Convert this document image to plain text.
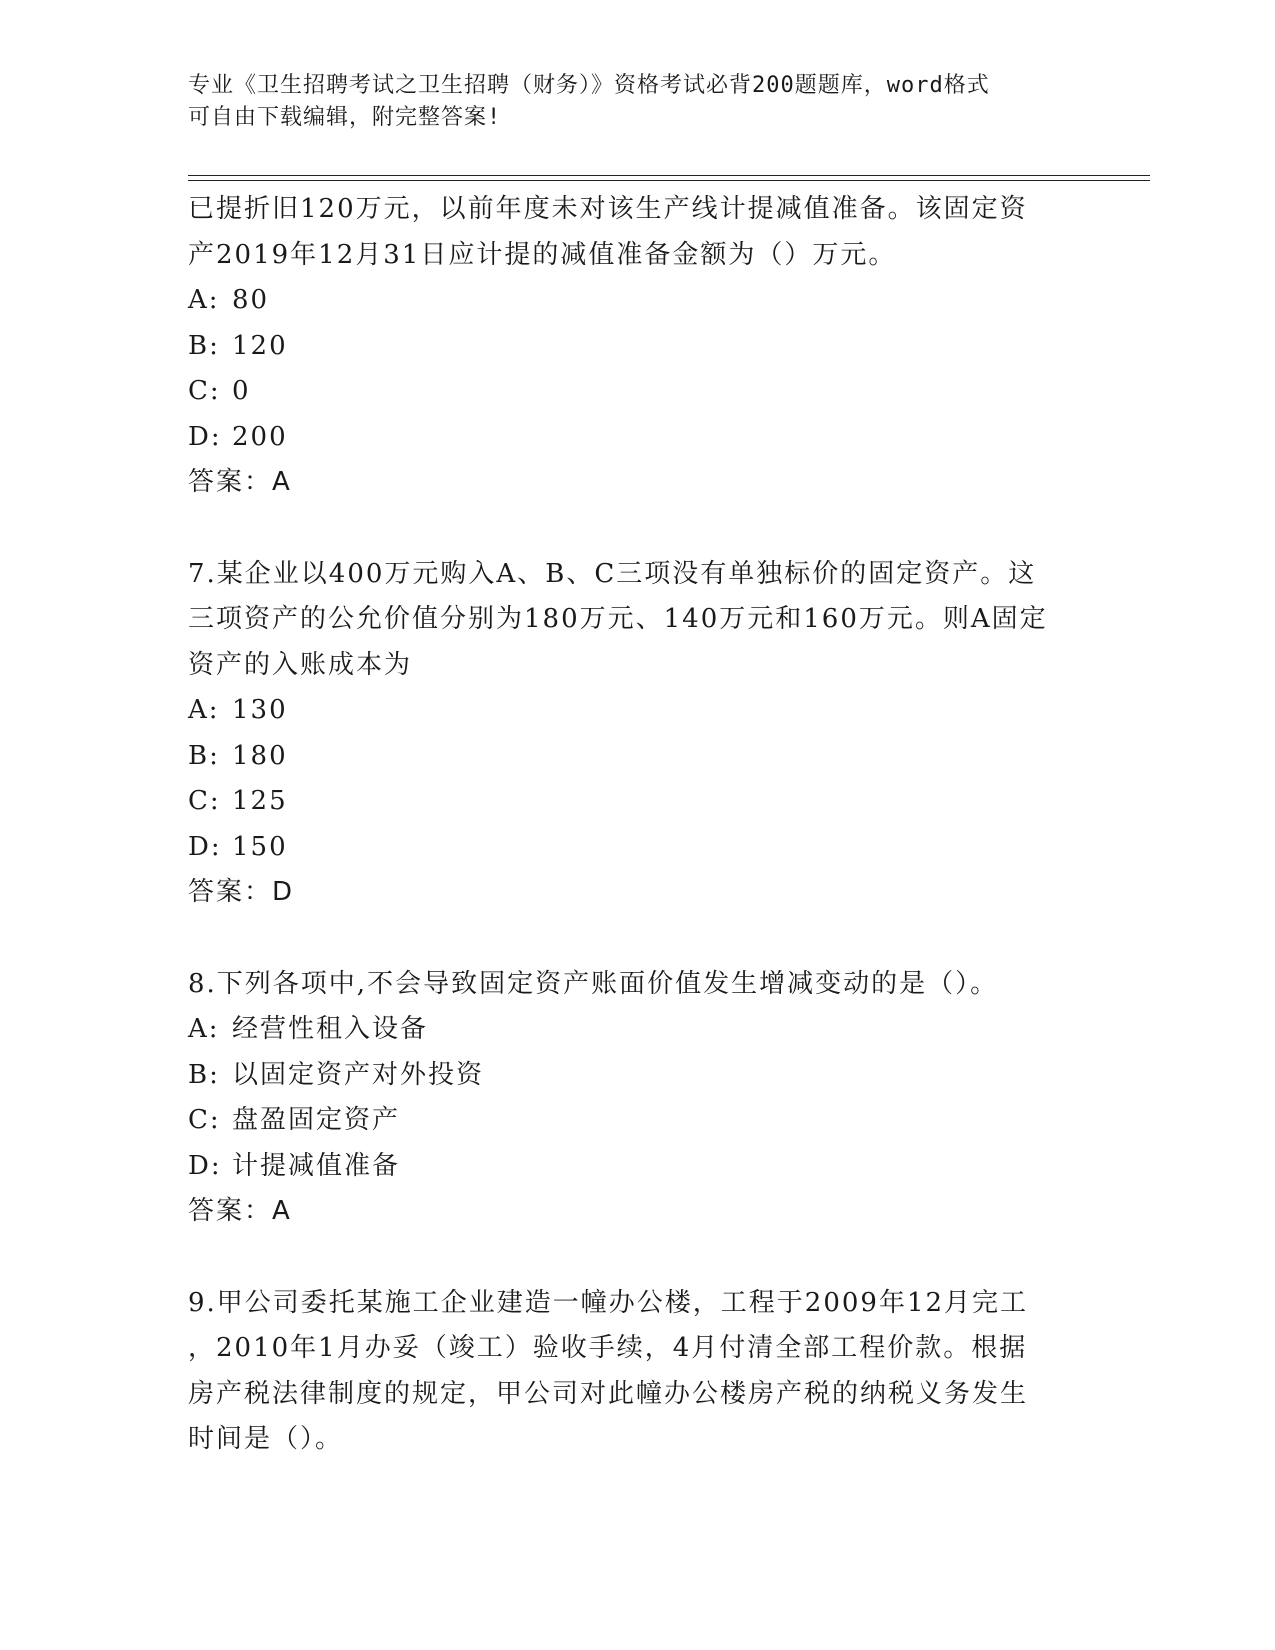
专业《卫生招聘考试之卫生招聘（财务）》资格考试必背200题题库，word格式
可自由下载编辑，附完整答案!
已提折旧120万元，以前年度未对该生产线计提减值准备。该固定资
产2019年12月31日应计提的减值准备金额为（）万元。
A: 80
B: 120
C: 0
D: 200
答案：A
7.某企业以400万元购入A、B、C三项没有单独标价的固定资产。这
三项资产的公允价值分别为180万元、140万元和160万元。则A固定
资产的入账成本为
A: 130
B: 180
C: 125
D: 150
答案：D
8.下列各项中,不会导致固定资产账面价值发生增减变动的是（）。
A: 经营性租入设备
B: 以固定资产对外投资
C: 盘盈固定资产
D: 计提减值准备
答案：A
9.甲公司委托某施工企业建造一幢办公楼，工程于2009年12月完工
，2010年1月办妥（竣工）验收手续，4月付清全部工程价款。根据
房产税法律制度的规定，甲公司对此幢办公楼房产税的纳税义务发生
时间是（）。
